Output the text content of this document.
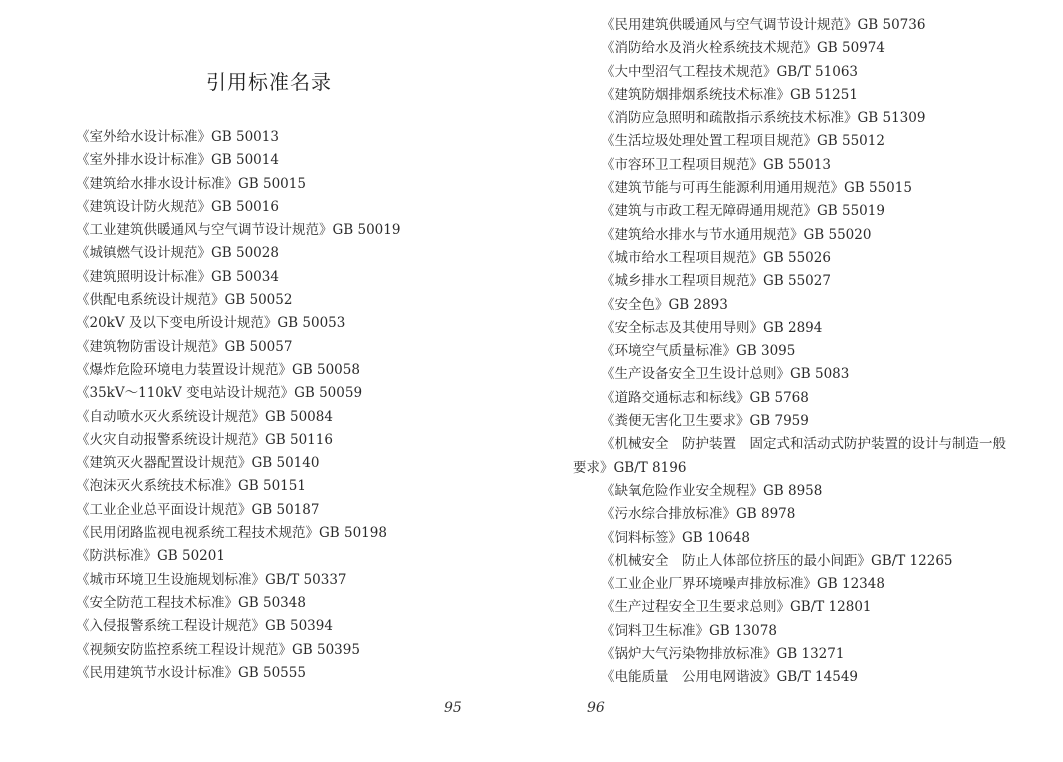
引用标准名录
《室外给水设计标准》GB 50013
《室外排水设计标准》GB 50014
《建筑给水排水设计标准》GB 50015
《建筑设计防火规范》GB 50016
《工业建筑供暖通风与空气调节设计规范》GB 50019
《城镇燃气设计规范》GB 50028
《建筑照明设计标准》GB 50034
《供配电系统设计规范》GB 50052
《20kV 及以下变电所设计规范》GB 50053
《建筑物防雷设计规范》GB 50057
《爆炸危险环境电力装置设计规范》GB 50058
《35kV～110kV 变电站设计规范》GB 50059
《自动喷水灭火系统设计规范》GB 50084
《火灾自动报警系统设计规范》GB 50116
《建筑灭火器配置设计规范》GB 50140
《泡沫灭火系统技术标准》GB 50151
《工业企业总平面设计规范》GB 50187
《民用闭路监视电视系统工程技术规范》GB 50198
《防洪标准》GB 50201
《城市环境卫生设施规划标准》GB/T 50337
《安全防范工程技术标准》GB 50348
《入侵报警系统工程设计规范》GB 50394
《视频安防监控系统工程设计规范》GB 50395
《民用建筑节水设计标准》GB 50555
95
《民用建筑供暖通风与空气调节设计规范》GB 50736
《消防给水及消火栓系统技术规范》GB 50974
《大中型沼气工程技术规范》GB/T 51063
《建筑防烟排烟系统技术标准》GB 51251
《消防应急照明和疏散指示系统技术标准》GB 51309
《生活垃圾处理处置工程项目规范》GB 55012
《市容环卫工程项目规范》GB 55013
《建筑节能与可再生能源利用通用规范》GB 55015
《建筑与市政工程无障碍通用规范》GB 55019
《建筑给水排水与节水通用规范》GB 55020
《城市给水工程项目规范》GB 55026
《城乡排水工程项目规范》GB 55027
《安全色》GB 2893
《安全标志及其使用导则》GB 2894
《环境空气质量标准》GB 3095
《生产设备安全卫生设计总则》GB 5083
《道路交通标志和标线》GB 5768
《粪便无害化卫生要求》GB 7959
《机械安全　防护装置　固定式和活动式防护装置的设计与制造一般要求》GB/T 8196
《缺氧危险作业安全规程》GB 8958
《污水综合排放标准》GB 8978
《饲料标签》GB 10648
《机械安全　防止人体部位挤压的最小间距》GB/T 12265
《工业企业厂界环境噪声排放标准》GB 12348
《生产过程安全卫生要求总则》GB/T 12801
《饲料卫生标准》GB 13078
《锅炉大气污染物排放标准》GB 13271
《电能质量　公用电网谐波》GB/T 14549
96
